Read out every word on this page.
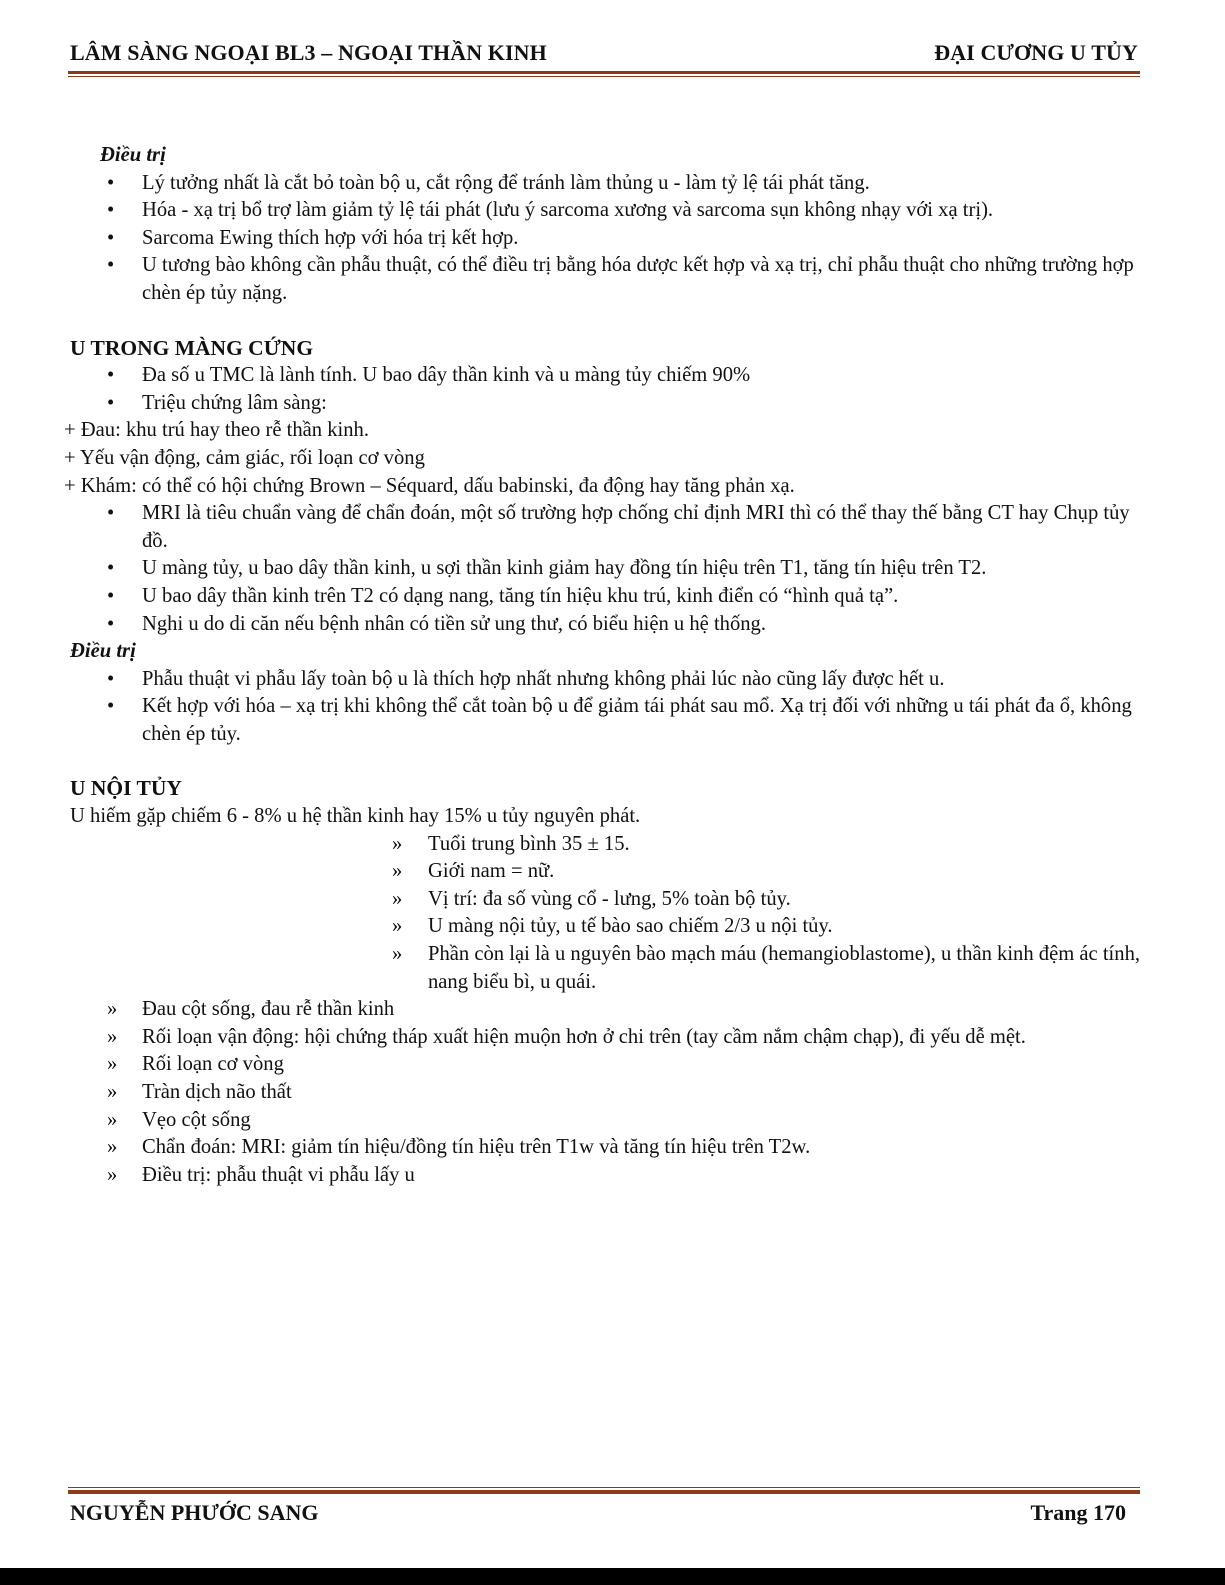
LÂM SÀNG NGOẠI BL3 – NGOẠI THẦN KINH	ĐẠI CƯƠNG U TỦY

Điều trị

• Lý tưởng nhất là cắt bỏ toàn bộ u, cắt rộng để tránh làm thủng u - làm tỷ lệ tái phát tăng.
• Hóa - xạ trị bổ trợ làm giảm tỷ lệ tái phát (lưu ý sarcoma xương và sarcoma sụn không nhạy với xạ trị).
• Sarcoma Ewing thích hợp với hóa trị kết hợp.
• U tương bào không cần phẫu thuật, có thể điều trị bằng hóa dược kết hợp và xạ trị, chỉ phẫu thuật cho những trường hợp chèn ép tủy nặng.

U TRONG MÀNG CỨNG

• Đa số u TMC là lành tính. U bao dây thần kinh và u màng tủy chiếm 90%
• Triệu chứng lâm sàng:

+ Đau: khu trú hay theo rễ thần kinh.

+ Yếu vận động, cảm giác, rối loạn cơ vòng

+ Khám: có thể có hội chứng Brown – Séquard, dấu babinski, đa động hay tăng phản xạ.

• MRI là tiêu chuẩn vàng để chẩn đoán, một số trường hợp chống chỉ định MRI thì có thể thay thế bằng CT hay Chụp tủy đồ.
• U màng tủy, u bao dây thần kinh, u sợi thần kinh giảm hay đồng tín hiệu trên T1, tăng tín hiệu trên T2.
• U bao dây thần kinh trên T2 có dạng nang, tăng tín hiệu khu trú, kinh điển có “hình quả tạ”.
• Nghi u do di căn nếu bệnh nhân có tiền sử ung thư, có biểu hiện u hệ thống.

Điều trị

• Phẫu thuật vi phẫu lấy toàn bộ u là thích hợp nhất nhưng không phải lúc nào cũng lấy được hết u.
• Kết hợp với hóa – xạ trị khi không thể cắt toàn bộ u để giảm tái phát sau mổ. Xạ trị đối với những u tái phát đa ổ, không chèn ép tủy.

U NỘI TỦY

U hiếm gặp chiếm 6 - 8% u hệ thần kinh hay 15% u tủy nguyên phát.

» Tuổi trung bình 35 ± 15.
» Giới nam = nữ.
» Vị trí: đa số vùng cổ - lưng, 5% toàn bộ tủy.
» U màng nội tủy, u tế bào sao chiếm 2/3 u nội tủy.
» Phần còn lại là u nguyên bào mạch máu (hemangioblastome), u thần kinh đệm ác tính, nang biểu bì, u quái.
» Đau cột sống, đau rễ thần kinh
» Rối loạn vận động: hội chứng tháp xuất hiện muộn hơn ở chi trên (tay cầm nắm chậm chạp), đi yếu dễ mệt.
» Rối loạn cơ vòng
» Tràn dịch não thất
» Vẹo cột sống
» Chẩn đoán: MRI: giảm tín hiệu/đồng tín hiệu trên T1w và tăng tín hiệu trên T2w.
» Điều trị: phẫu thuật vi phẫu lấy u
NGUYỄN PHƯỚC SANG	Trang 170
